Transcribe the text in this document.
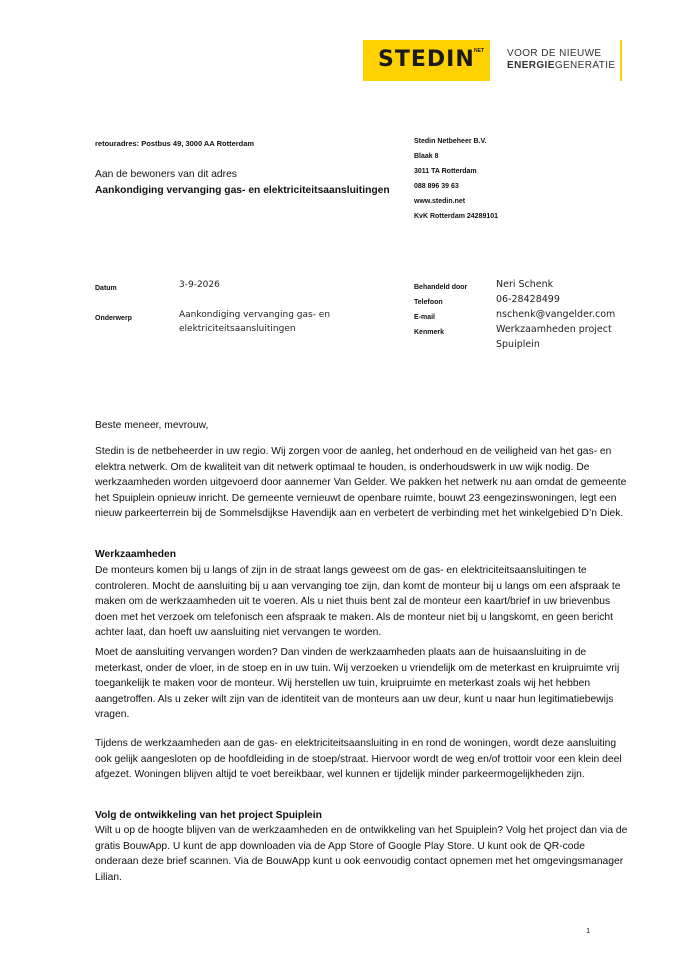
STEDIN NET VOOR DE NIEUWE
ENERGIEGENERATIE
retouradres: Postbus 49, 3000 AA Rotterdam
Aan de bewoners van dit adres
Aankondiging vervanging gas- en elektriciteitsaansluitingen
Stedin Netbeheer B.V.
Blaak 8
3011 TA Rotterdam
088 896 39 63
www.stedin.net
KvK Rotterdam 24289101
Datum	3-9-2026
Onderwerp	Aankondiging vervanging gas- en
elektriciteitsaansluitingen
Behandeld door	Neri Schenk
Telefoon	06-28428499
E-mail	nschenk@vangelder.com
Kenmerk	Werkzaamheden project
Spuiplein
Beste meneer, mevrouw,
Stedin is de netbeheerder in uw regio. Wij zorgen voor de aanleg, het onderhoud en de veiligheid van het gas- en elektra netwerk. Om de kwaliteit van dit netwerk optimaal te houden, is onderhoudswerk in uw wijk nodig. De werkzaamheden worden uitgevoerd door aannemer Van Gelder. We pakken het netwerk nu aan omdat de gemeente het Spuiplein opnieuw inricht. De gemeente vernieuwt de openbare ruimte, bouwt 23 eengezinswoningen, legt een nieuw parkeerterrein bij de Sommelsdijkse Havendijk aan en verbetert de verbinding met het winkelgebied D’n Diek.
Werkzaamheden
De monteurs komen bij u langs of zijn in de straat langs geweest om de gas- en elektriciteitsaansluitingen te controleren. Mocht de aansluiting bij u aan vervanging toe zijn, dan komt de monteur bij u langs om een afspraak te maken om de werkzaamheden uit te voeren. Als u niet thuis bent zal de monteur een kaart/brief in uw brievenbus doen met het verzoek om telefonisch een afspraak te maken. Als de monteur niet bij u langskomt, en geen bericht achter laat, dan hoeft uw aansluiting niet vervangen te worden.
Moet de aansluiting vervangen worden? Dan vinden de werkzaamheden plaats aan de huisaansluiting in de meterkast, onder de vloer, in de stoep en in uw tuin. Wij verzoeken u vriendelijk om de meterkast en kruipruimte vrij toegankelijk te maken voor de monteur. Wij herstellen uw tuin, kruipruimte en meterkast zoals wij het hebben aangetroffen. Als u zeker wilt zijn van de identiteit van de monteurs aan uw deur, kunt u naar hun legitimatiebewijs vragen.
Tijdens de werkzaamheden aan de gas- en elektriciteitsaansluiting in en rond de woningen, wordt deze aansluiting ook gelijk aangesloten op de hoofdleiding in de stoep/straat. Hiervoor wordt de weg en/of trottoir voor een klein deel afgezet. Woningen blijven altijd te voet bereikbaar, wel kunnen er tijdelijk minder parkeermogelijkheden zijn.
Volg de ontwikkeling van het project Spuiplein
Wilt u op de hoogte blijven van de werkzaamheden en de ontwikkeling van het Spuiplein? Volg het project dan via de gratis BouwApp. U kunt de app downloaden via de App Store of Google Play Store. U kunt ook de QR-code onderaan deze brief scannen. Via de BouwApp kunt u ook eenvoudig contact opnemen met het omgevingsmanager Lilian.
1
